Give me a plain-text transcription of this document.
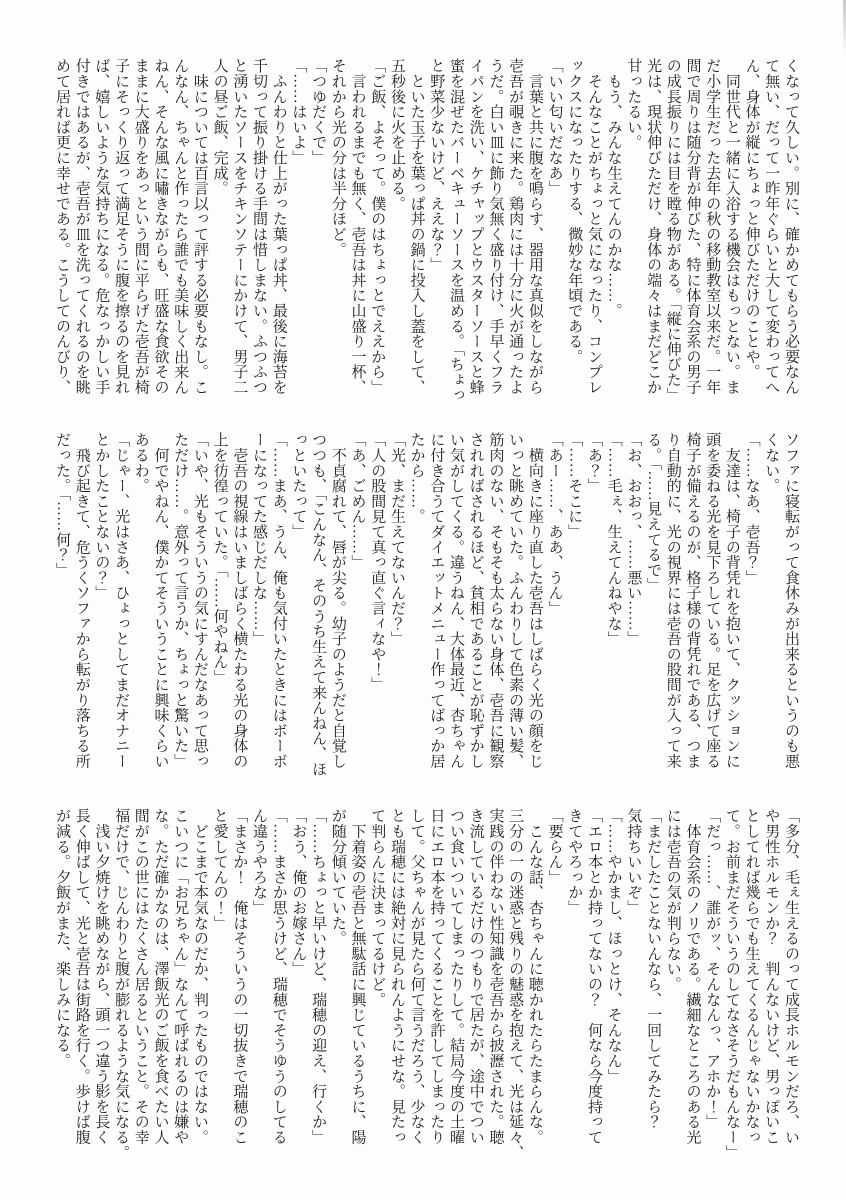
くなって久しい。別に、確かめてもらう必要なん

て無い、だって一昨年ぐらいと大して変わってへ

ん、身体が縦にちょっと伸びただけのことや。

　同世代と一緒に入浴する機会はもっとない。ま

だ小学生だった去年の秋の移動教室以来だ。一年

間で周りは随分背が伸びた、特に体育会系の男子

の成長振りには目を瞠る物がある。「縦に伸びた」

光は、現状伸びただけ、身体の端々はまだどこか

甘ったるい。

　もう、みんな生えてんのかな……。

　そんなことがちょっと気になったり、コンプレ

ックスになったりする、微妙な年頃である。

「いい匂いだなあ」

　言葉と共に腹を鳴らす、器用な真似をしながら

壱吾が覗きに来た。鶏肉には十分に火が通ったよ

うだ。白い皿に飾り気無く盛り付け、手早くフラ

イパンを洗い、ケチャップとウスターソースと蜂

蜜を混ぜたバーベキューソースを温める。「ちょっ

と野菜少ないけど、ええな？」

　といた玉子を葉っぱ丼の鍋に投入し蓋をして、

五秒後に火を止める。

「ご飯、よそって。僕のはちょっとでええから」

　言われるまでも無く、壱吾は丼に山盛り一杯、

それから光の分は半分ほど。

「つゆだくで」

「……はいよ」

　ふんわりと仕上がった葉っぱ丼、最後に海苔を

千切って振り掛ける手間は惜しまない。ふつふつ

と湧いたソースをチキンソテーにかけて、男子二

人の昼ご飯、完成。

　味については百言以って評する必要もなし。こ

んなん、ちゃんと作ったら誰でも美味しく出来ん

ねん、そんな風に嘯きながらも、旺盛な食欲その

ままに大盛りをあっという間に平らげた壱吾が椅

子にそっくり返って満足そうに腹を擦るのを見れ

ば、嬉しいような気持ちになる。危なっかしい手

付きではあるが、壱吾が皿を洗ってくれるのを眺

めて居れば更に幸せである。こうしてのんびり、

ソファに寝転がって食休みが出来るというのも悪

くない。

「……なあ、壱吾？」

　友達は、椅子の背凭れを抱いて、クッションに

頭を委ねる光を見下ろしている。足を広げて座る

椅子が備えるのが、格子様の背凭れである、つま

り自動的に、光の視界には壱吾の股間が入って来

る。「……見えてるで」

「お、おおっ、……悪い……」

「……毛ぇ、生えてんねやな」

「あ？」

「……そこに」

「あー……、ああ、うん」

　横向きに座り直した壱吾はしばらく光の顔をじ

いっと眺めていた。ふんわりして色素の薄い髪、

筋肉のない、そもそも太らない身体、壱吾に観察

されればされるほど、貧相であることが恥ずかし

い気がしてくる。違うねん、大体最近、杏ちゃん

に付き合うてダイエットメニュー作ってばっか居

たから……。

「光、まだ生えてないんだ？」

「人の股間見て真っ直ぐ言ィなや！」

「あ、ごめん……」

　不貞腐れて、唇が尖る。幼子のようだと自覚し

つつも、「こんなん、そのうち生えて来んねん、ほ

っといたって」

「……まあ、うん、俺も気付いたときにはボーボ

ーになってた感じだしな……」

　壱吾の視線はいましばらく横たわる光の身体の

上を彷徨っていた。「……何やねん」

「いや、光もそういうの気にすんだなあって思っ

ただけ……。意外って言うか、ちょっと驚いた」

　何でやねん、僕かてそういうことに興味くらい

あるわ。

「じゃー、光はさあ、ひょっとしてまだオナニー

とかしたことないの？」

　飛び起きて、危うくソファから転がり落ちる所

だった。「……何？」

「多分、毛ぇ生えるのって成長ホルモンだろ、い

や男性ホルモンか？　判んないけど、男っぽいこ

としてれば幾らでも生えてくるんじゃないかなっ

て。お前まだそういうのしてなさそうだもんなー」

「だっ……、誰がッ、そんなんっ、アホか！」

　体育会系のノリである。繊細なところのある光

には壱吾の気が判らない。

「まだしたことないんなら、一回してみたら？

気持ちいいぞ」

「……やかまし、ほっとけ、そんなん」

「エロ本とか持ってないの？　何なら今度持って

きてやろっか」

「要らん」

　こんな話、杏ちゃんに聴かれたらたまらんな。

三分の一の迷惑と残りの魅惑を抱えて、光は延々、

実践の伴わない性知識を壱吾から披瀝された。聴

き流しているだけのつもりで居たが、途中でつい

つい食いついてしまったりして。結局今度の土曜

日にエロ本を持ってくることを許してしまったり

して。父ちゃんが見たら何て言うだろう、少なく

とも瑞穂には絶対に見られんようにせな。見たっ

て判らんに決まってるけど。

　下着姿の壱吾と無駄話に興じているうちに、陽

が随分傾いていた。

「……ちょっと早いけど、瑞穂の迎え、行くか」

「おう、俺のお嫁さん」

「……まさか思うけど、瑞穂でそうゆうのしてる

ん違うやろな」

「まさか！　俺はそういうの一切抜きで瑞穂のこ

と愛してんの！」

　どこまで本気なのだか、判ったものではない。

こいつに「お兄ちゃん」なんて呼ばれるのは嫌や

な。ただ確かなのは、澤飯光のご飯を食べたい人

間がこの世にはたくさん居るということ。その幸

福だけで、じんわりと腹が膨れるような気になる。

　浅い夕焼けを眺めながら、頭一つ違う影を長く

長く伸ばして、光と壱吾は街路を行く。歩けば腹

が減る。夕飯がまた、楽しみになる。
